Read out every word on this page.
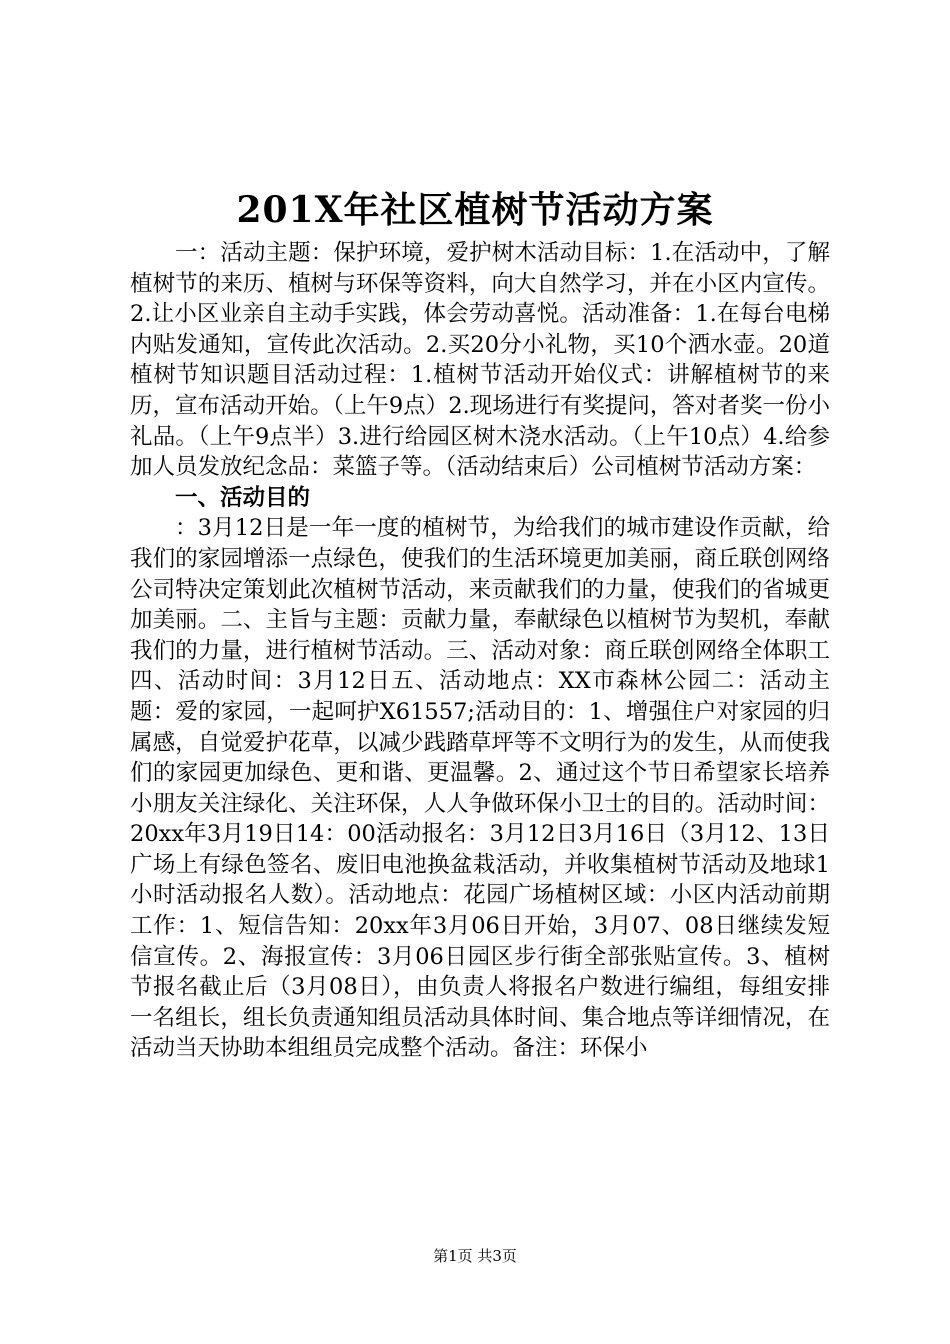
201X年社区植树节活动方案

一：活动主题：保护环境，爱护树木活动目标：1.在活动中，了解植树节的来历、植树与环保等资料，向大自然学习，并在小区内宣传。2.让小区业亲自主动手实践，体会劳动喜悦。活动准备：1.在每台电梯内贴发通知，宣传此次活动。2.买20分小礼物，买10个洒水壶。20道植树节知识题目活动过程：1.植树节活动开始仪式：讲解植树节的来历，宣布活动开始。（上午9点）2.现场进行有奖提问，答对者奖一份小礼品。（上午9点半）3.进行给园区树木浇水活动。（上午10点）4.给参加人员发放纪念品：菜篮子等。（活动结束后）公司植树节活动方案：

一、活动目的

：3月12日是一年一度的植树节，为给我们的城市建设作贡献，给我们的家园增添一点绿色，使我们的生活环境更加美丽，商丘联创网络公司特决定策划此次植树节活动，来贡献我们的力量，使我们的省城更加美丽。二、主旨与主题：贡献力量，奉献绿色以植树节为契机，奉献我们的力量，进行植树节活动。三、活动对象：商丘联创网络全体职工四、活动时间：3月12日五、活动地点：XX市森林公园二：活动主题：爱的家园，一起呵护X61557;活动目的：1、增强住户对家园的归属感，自觉爱护花草，以减少践踏草坪等不文明行为的发生，从而使我们的家园更加绿色、更和谐、更温馨。2、通过这个节日希望家长培养小朋友关注绿化、关注环保，人人争做环保小卫士的目的。活动时间：20xx年3月19日14：00活动报名：3月12日3月16日（3月12、13日广场上有绿色签名、废旧电池换盆栽活动，并收集植树节活动及地球1小时活动报名人数）。活动地点：花园广场植树区域：小区内活动前期工作：1、短信告知：20xx年3月06日开始，3月07、08日继续发短信宣传。2、海报宣传：3月06日园区步行街全部张贴宣传。3、植树节报名截止后（3月08日），由负责人将报名户数进行编组，每组安排一名组长，组长负责通知组员活动具体时间、集合地点等详细情况，在活动当天协助本组组员完成整个活动。备注：环保小

第1页 共3页
